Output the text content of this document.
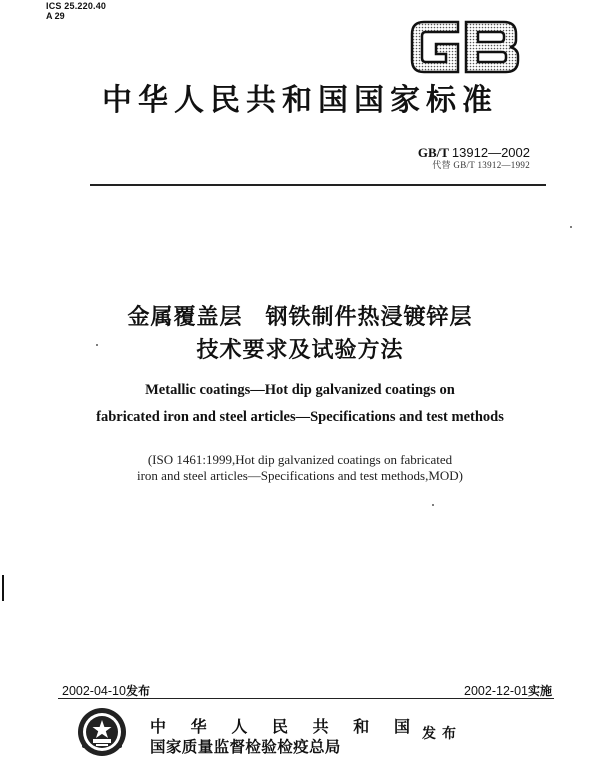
ICS 25.220.40
A 29
中华人民共和国国家标准
GB/T 13912—2002
代替 GB/T 13912—1992
金属覆盖层　钢铁制件热浸镀锌层
技术要求及试验方法
Metallic coatings—Hot dip galvanized coatings on
fabricated iron and steel articles—Specifications and test methods
(ISO 1461:1999,Hot dip galvanized coatings on fabricated
iron and steel articles—Specifications and test methods,MOD)
2002-04-10发布	2002-12-01实施
中 华 人 民 共 和 国
国家质量监督检验检疫总局
发布
